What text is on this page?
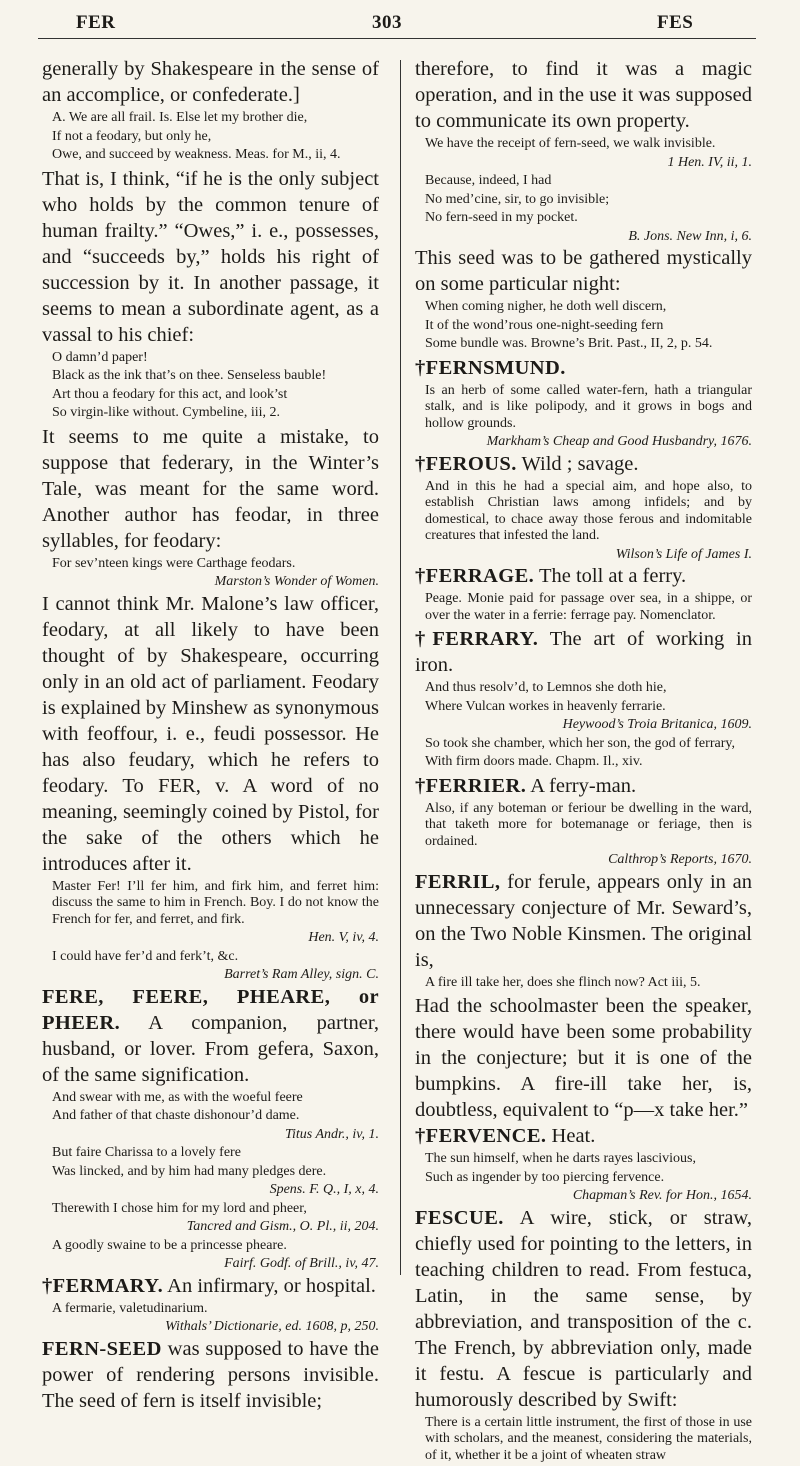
FER	303	FES

generally by Shakespeare in the sense of an accomplice, or confederate.]

A. We are all frail. Is. Else let my brother die,

If not a feodary, but only he,

Owe, and succeed by weakness. Meas. for M., ii, 4.

That is, I think, “if he is the only subject who holds by the common tenure of human frailty.” “Owes,” i. e., possesses, and “succeeds by,” holds his right of succession by it. In another passage, it seems to mean a subordinate agent, as a vassal to his chief:

O damn’d paper!

Black as the ink that’s on thee. Senseless bauble!

Art thou a feodary for this act, and look’st

So virgin-like without. Cymbeline, iii, 2.

It seems to me quite a mistake, to suppose that federary, in the Winter’s Tale, was meant for the same word. Another author has feodar, in three syllables, for feodary:

For sev’nteen kings were Carthage feodars.

Marston’s Wonder of Women.

I cannot think Mr. Malone’s law officer, feodary, at all likely to have been thought of by Shakespeare, occurring only in an old act of parliament. Feodary is explained by Minshew as synonymous with feoffour, i. e., feudi possessor. He has also feudary, which he refers to feodary. To FER, v. A word of no meaning, seemingly coined by Pistol, for the sake of the others which he introduces after it.

Master Fer! I’ll fer him, and firk him, and ferret him: discuss the same to him in French. Boy. I do not know the French for fer, and ferret, and firk.

Hen. V, iv, 4.

I could have fer’d and ferk’t, &c.

Barret’s Ram Alley, sign. C.

FERE, FEERE, PHEARE, or PHEER. A companion, partner, husband, or lover. From gefera, Saxon, of the same signification.

And swear with me, as with the woeful feere

And father of that chaste dishonour’d dame.

Titus Andr., iv, 1.

But faire Charissa to a lovely fere

Was lincked, and by him had many pledges dere.

Spens. F. Q., I, x, 4.

Therewith I chose him for my lord and pheer,

Tancred and Gism., O. Pl., ii, 204.

A goodly swaine to be a princesse pheare.

Fairf. Godf. of Brill., iv, 47.

†FERMARY. An infirmary, or hospital.

A fermarie, valetudinarium.

Withals’ Dictionarie, ed. 1608, p, 250.

FERN-SEED was supposed to have the power of rendering persons invisible. The seed of fern is itself invisible;

therefore, to find it was a magic operation, and in the use it was supposed to communicate its own property.

We have the receipt of fern-seed, we walk invisible.

1 Hen. IV, ii, 1.

Because, indeed, I had

No med’cine, sir, to go invisible;

No fern-seed in my pocket.

B. Jons. New Inn, i, 6.

This seed was to be gathered mystically on some particular night:

When coming nigher, he doth well discern,

It of the wond’rous one-night-seeding fern

Some bundle was. Browne’s Brit. Past., II, 2, p. 54.

†FERNSMUND.

Is an herb of some called water-fern, hath a triangular stalk, and is like polipody, and it grows in bogs and hollow grounds.

Markham’s Cheap and Good Husbandry, 1676.

†FEROUS. Wild ; savage.

And in this he had a special aim, and hope also, to establish Christian laws among infidels; and by domestical, to chace away those ferous and indomitable creatures that infested the land.

Wilson’s Life of James I.

†FERRAGE. The toll at a ferry.

Peage. Monie paid for passage over sea, in a shippe, or over the water in a ferrie: ferrage pay. Nomenclator.

†FERRARY. The art of working in iron.

And thus resolv’d, to Lemnos she doth hie,

Where Vulcan workes in heavenly ferrarie.

Heywood’s Troia Britanica, 1609.

So took she chamber, which her son, the god of ferrary,

With firm doors made. Chapm. Il., xiv.

†FERRIER. A ferry-man.

Also, if any boteman or feriour be dwelling in the ward, that taketh more for botemanage or feriage, then is ordained.

Calthrop’s Reports, 1670.

FERRIL, for ferule, appears only in an unnecessary conjecture of Mr. Seward’s, on the Two Noble Kinsmen. The original is,

A fire ill take her, does she flinch now? Act iii, 5.

Had the schoolmaster been the speaker, there would have been some probability in the conjecture; but it is one of the bumpkins. A fire-ill take her, is, doubtless, equivalent to “p—x take her.”

†FERVENCE. Heat.

The sun himself, when he darts rayes lascivious,

Such as ingender by too piercing fervence.

Chapman’s Rev. for Hon., 1654.

FESCUE. A wire, stick, or straw, chiefly used for pointing to the letters, in teaching children to read. From festuca, Latin, in the same sense, by abbreviation, and transposition of the c. The French, by abbreviation only, made it festu. A fescue is particularly and humorously described by Swift:

There is a certain little instrument, the first of those in use with scholars, and the meanest, considering the materials, of it, whether it be a joint of wheaten straw
